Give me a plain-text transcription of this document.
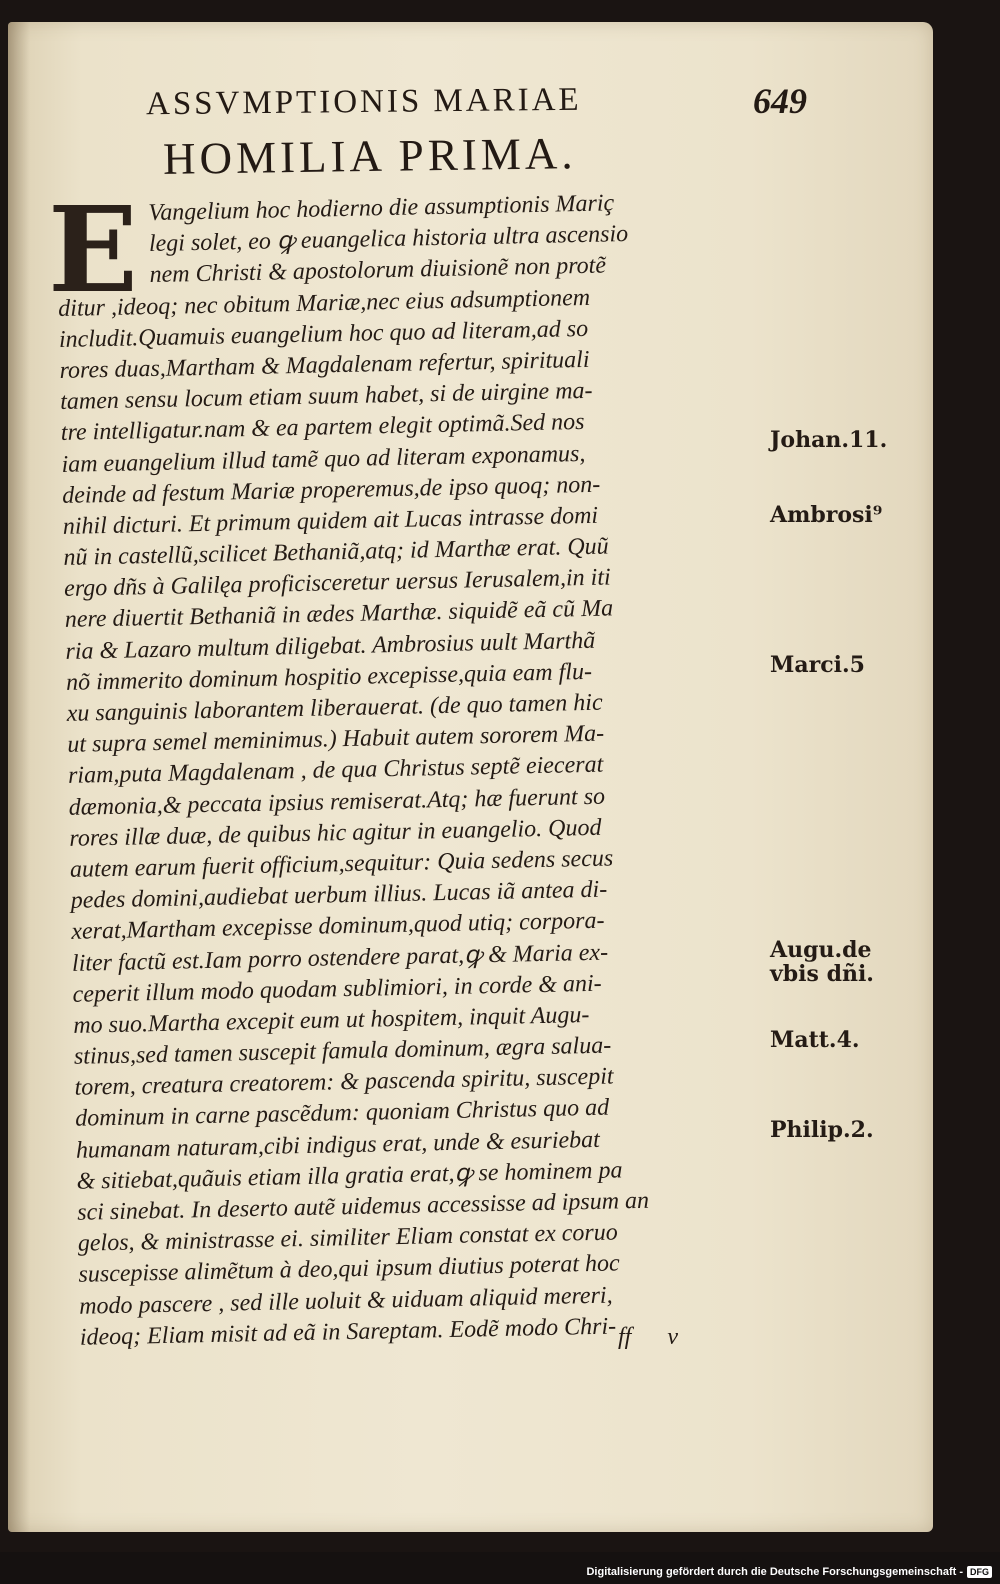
ASSVMPTIONIS MARIAE	649
HOMILIA PRIMA.
E Vangelium hoc hodierno die assumptionis Mariç
legi solet, eo ꝙ euangelica historia ultra ascensio
nem Christi & apostolorum diuisionẽ non protẽ
ditur ,ideoq; nec obitum Mariæ,nec eius adsumptionem
includit.Quamuis euangelium hoc quo ad literam,ad so
rores duas,Martham & Magdalenam refertur, spirituali
tamen sensu locum etiam suum habet, si de uirgine ma-
tre intelligatur.nam & ea partem elegit optimã.Sed nos
iam euangelium illud tamẽ quo ad literam exponamus,
deinde ad festum Mariæ properemus,de ipso quoq; non-
nihil dicturi. Et primum quidem ait Lucas intrasse domi
nũ in castellũ,scilicet Bethaniã,atq; id Marthæ erat. Quũ
ergo dñs à Galilęa proficisceretur uersus Ierusalem,in iti
nere diuertit Bethaniã in ædes Marthæ. siquidẽ eã cũ Ma
ria & Lazaro multum diligebat. Ambrosius uult Marthã
nõ immerito dominum hospitio excepisse,quia eam flu-
xu sanguinis laborantem liberauerat. (de quo tamen hic
ut supra semel meminimus.) Habuit autem sororem Ma-
riam,puta Magdalenam , de qua Christus septẽ eiecerat
dæmonia,& peccata ipsius remiserat.Atq; hæ fuerunt so
rores illæ duæ, de quibus hic agitur in euangelio. Quod
autem earum fuerit officium,sequitur: Quia sedens secus
pedes domini,audiebat uerbum illius. Lucas iã antea di-
xerat,Martham excepisse dominum,quod utiq; corpora-
liter factũ est.Iam porro ostendere parat,ꝙ & Maria ex-
ceperit illum modo quodam sublimiori, in corde & ani-
mo suo.Martha excepit eum ut hospitem, inquit Augu-
stinus,sed tamen suscepit famula dominum, ægra salua-
torem, creatura creatorem: & pascenda spiritu, suscepit
dominum in carne pascẽdum: quoniam Christus quo ad
humanam naturam,cibi indigus erat, unde & esuriebat
& sitiebat,quãuis etiam illa gratia erat,ꝙ se hominem pa
sci sinebat. In deserto autẽ uidemus accessisse ad ipsum an
gelos, & ministrasse ei. similiter Eliam constat ex coruo
suscepisse alimẽtum à deo,qui ipsum diutius poterat hoc
modo pascere , sed ille uoluit & uiduam aliquid mereri,
ideoq; Eliam misit ad eã in Sareptam. Eodẽ modo Chri- ff v
Johan.11.
Ambrosi⁹
Marci.5
Augu.de
vbis dñi.
Matt.4.
Philip.2.
Digitalisierung gefördert durch die Deutsche Forschungsgemeinschaft - DFG
